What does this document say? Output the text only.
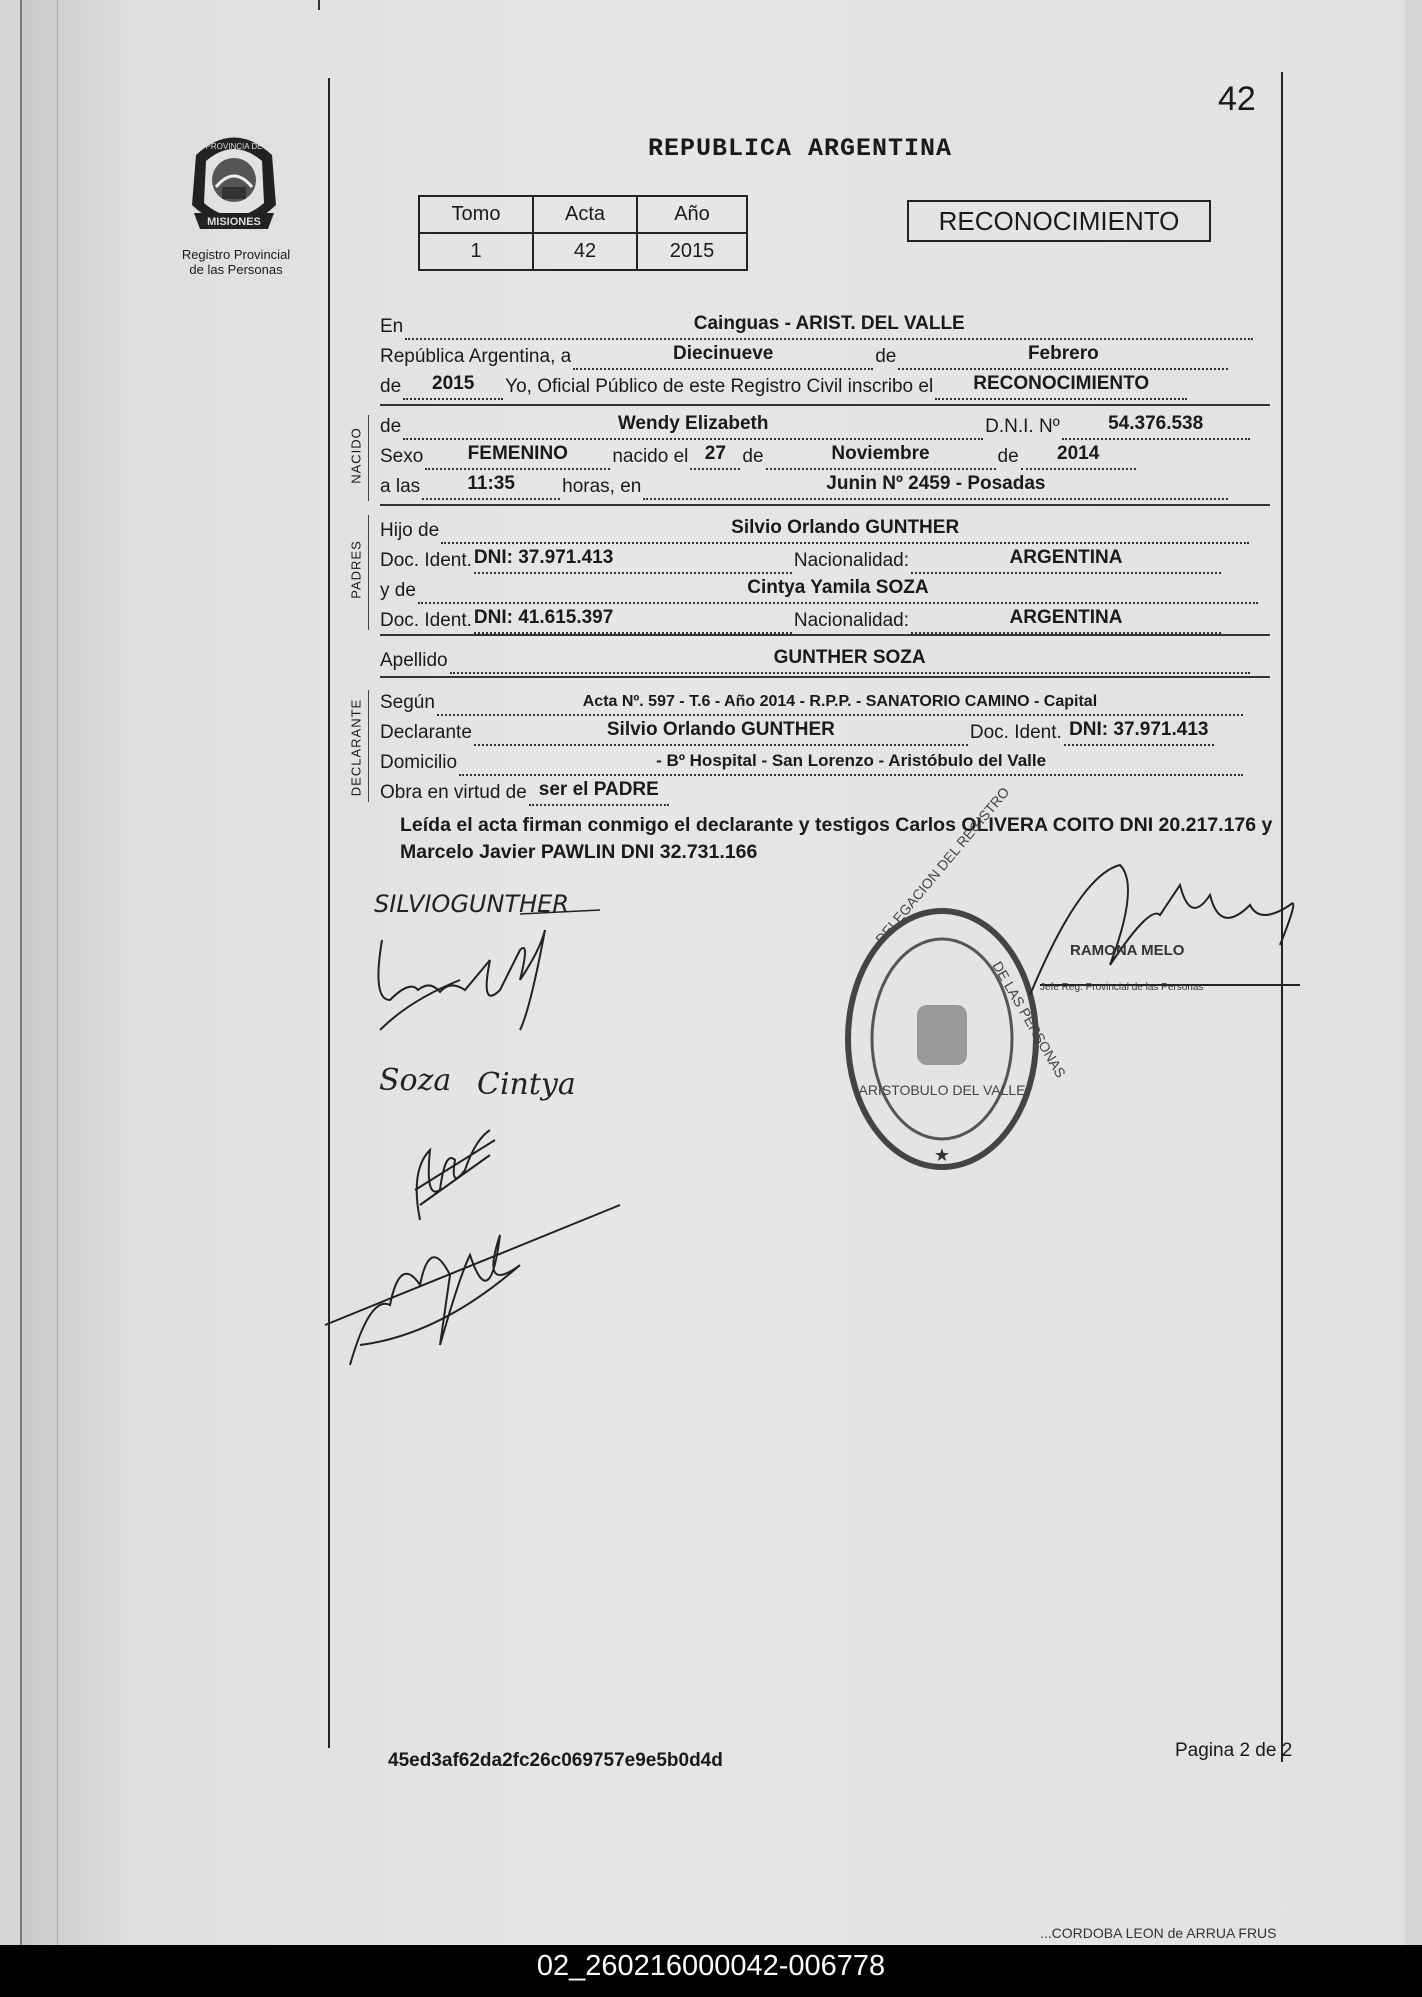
42
MISIONES
PROVINCIA DE
Registro Provincial
de las Personas
REPUBLICA ARGENTINA
Tomo	Acta	Año
1	42	2015
RECONOCIMIENTO
En	Cainguas - ARIST. DEL VALLE
República Argentina, a	Diecinueve	de	Febrero
de	2015	Yo, Oficial Público de este Registro Civil inscribo el	RECONOCIMIENTO
NACIDO
de	Wendy Elizabeth	D.N.I. Nº	54.376.538
Sexo	FEMENINO	nacido el 27 de	Noviembre	de	2014
a las	11:35	horas, en	Junin Nº 2459 - Posadas
PADRES
Hijo de	Silvio Orlando GUNTHER
Doc. Ident. DNI: 37.971.413	Nacionalidad:	ARGENTINA
y de	Cintya Yamila SOZA
Doc. Ident. DNI: 41.615.397	Nacionalidad:	ARGENTINA
Apellido	GUNTHER SOZA
DECLARANTE Según	Acta Nº. 597 - T.6 - Año 2014 - R.P.P. - SANATORIO CAMINO - Capital
Declarante	Silvio Orlando GUNTHER	Doc. Ident. DNI: 37.971.413
Domicilio	- Bº Hospital - San Lorenzo - Aristóbulo del Valle
Obra en virtud de ser el PADRE
Leída el acta firman conmigo el declarante y testigos Carlos OLIVERA COITO DNI 20.217.176 y Marcelo Javier PAWLIN DNI 32.731.166
SILVIOGUNTHER
Soza Cintya
★
DELEGACION DEL REGISTRO
DE LAS PERSONAS
ARISTOBULO DEL VALLE
RAMONA MELO
Jefe Reg. Provincial de las Personas
45ed3af62da2fc26c069757e9e5b0d4d	Pagina 2 de 2
...CORDOBA LEON de ARRUA FRUS
02_260216000042-006778
